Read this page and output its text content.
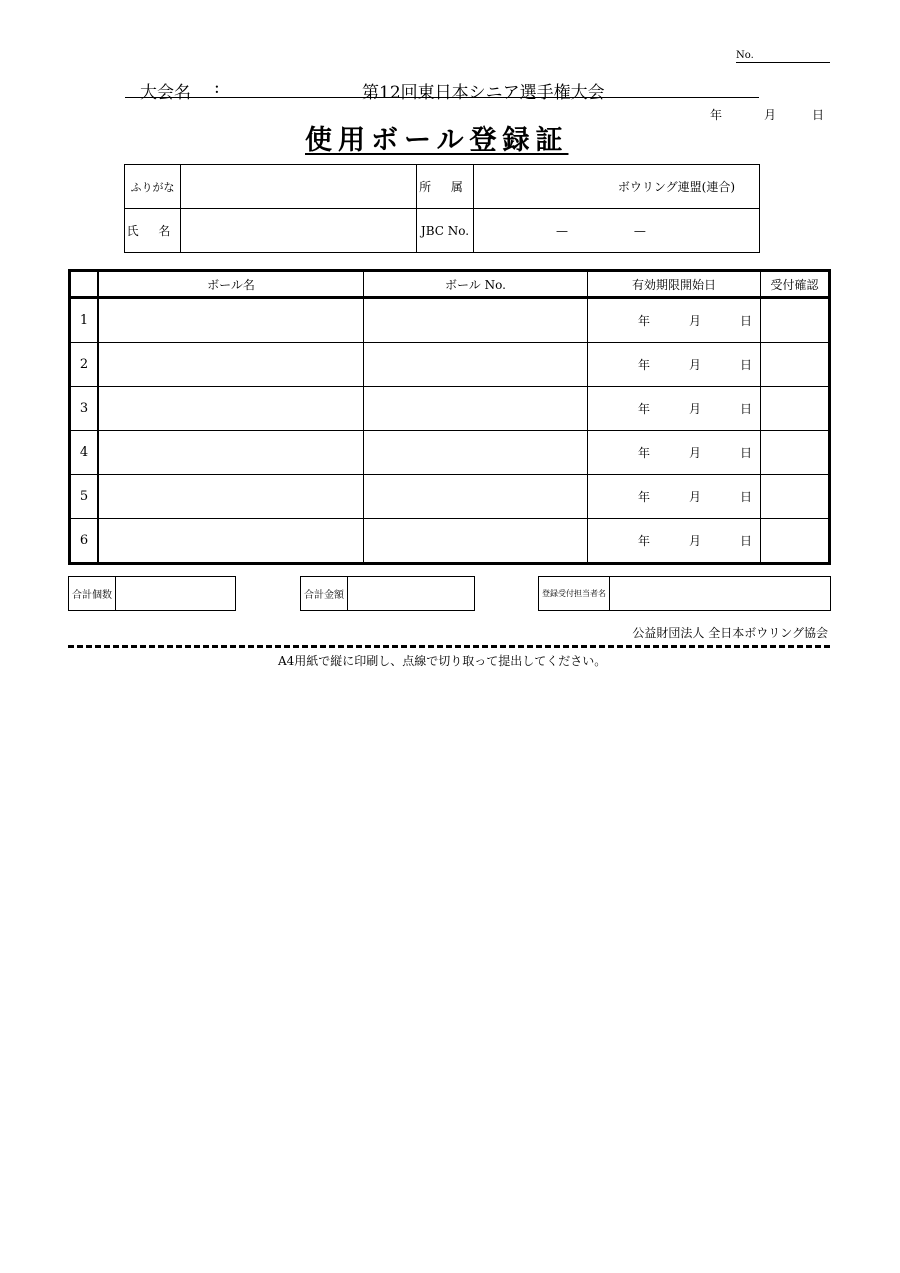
No.
大会名 :	第12回東日本シニア選手権大会
年	月	日
使用ボール登録証
ふりがな		所 属	ボウリング連盟(連合)
氏 名		JBC No.	— —
	ボール名	ボール No.	有効期限開始日	受付確認
1			年 月 日	

2			年 月 日	

3			年 月 日	

4			年 月 日	

5			年 月 日	

6			年 月 日	

合計個数	合計金額	登録受付担当者名
公益財団法人 全日本ボウリング協会
A4用紙で縦に印刷し、点線で切り取って提出してください。
